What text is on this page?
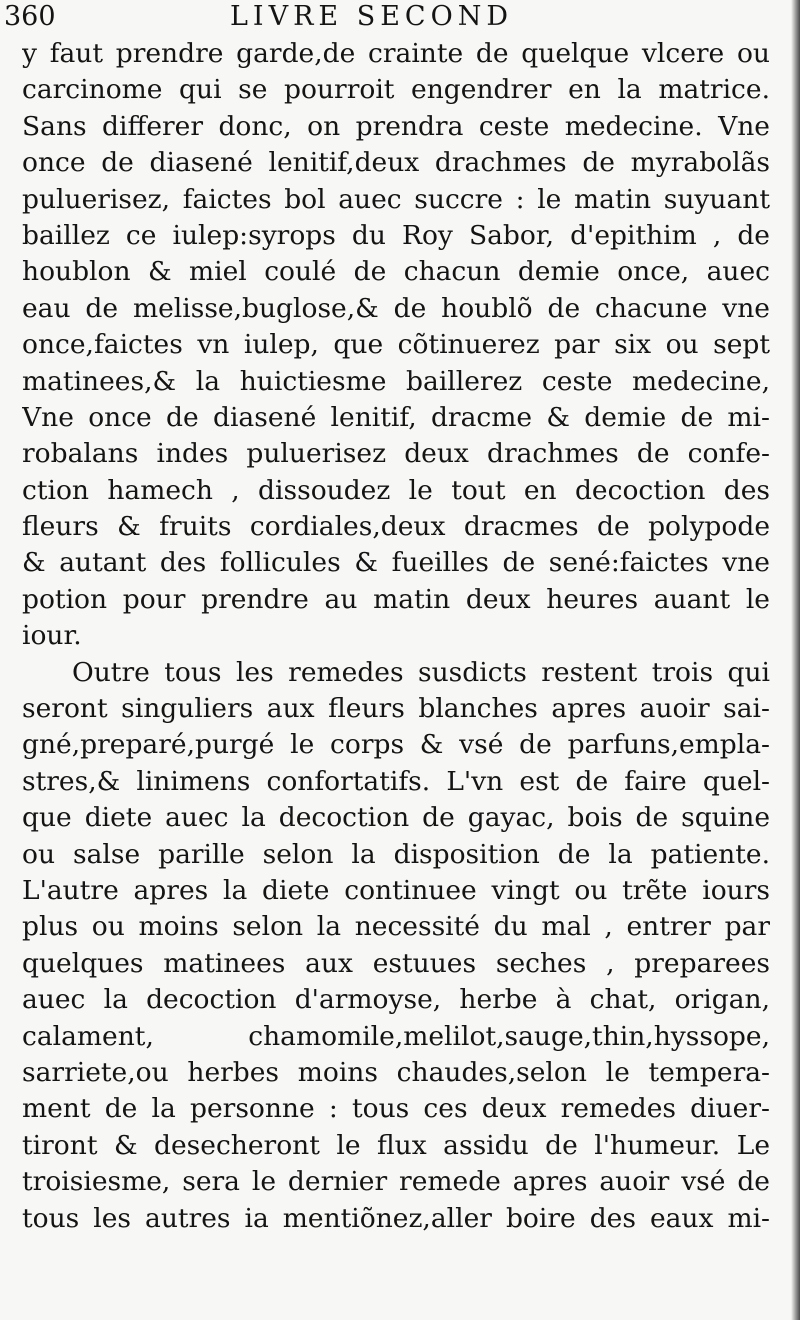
360	LIVRE SECOND
y faut prendre garde,de crainte de quelque vlcere ou
carcinome qui se pourroit engendrer en la matrice.
Sans differer donc, on prendra ceste medecine. Vne
once de diasené lenitif,deux drachmes de myrabolãs
puluerisez, faictes bol auec succre : le matin suyuant
baillez ce iulep:syrops du Roy Sabor, d'epithim , de
houblon & miel coulé de chacun demie once, auec
eau de melisse,buglose,& de houblõ de chacune vne
once,faictes vn iulep, que cõtinuerez par six ou sept
matinees,& la huictiesme baillerez ceste medecine,
Vne once de diasené lenitif, dracme & demie de mi-
robalans indes puluerisez deux drachmes de confe-
ction hamech , dissoudez le tout en decoction des
fleurs & fruits cordiales,deux dracmes de polypode
& autant des follicules & fueilles de sené:faictes vne
potion pour prendre au matin deux heures auant le
iour.
Outre tous les remedes susdicts restent trois qui
seront singuliers aux fleurs blanches apres auoir sai-
gné,preparé,purgé le corps & vsé de parfuns,empla-
stres,& linimens confortatifs. L'vn est de faire quel-
que diete auec la decoction de gayac, bois de squine
ou salse parille selon la disposition de la patiente.
L'autre apres la diete continuee vingt ou trẽte iours
plus ou moins selon la necessité du mal , entrer par
quelques matinees aux estuues seches , preparees
auec la decoction d'armoyse, herbe à chat, origan,
calament, chamomile,melilot,sauge,thin,hyssope,
sarriete,ou herbes moins chaudes,selon le tempera-
ment de la personne : tous ces deux remedes diuer-
tiront & desecheront le flux assidu de l'humeur. Le
troisiesme, sera le dernier remede apres auoir vsé de
tous les autres ia mentiõnez,aller boire des eaux mi-
